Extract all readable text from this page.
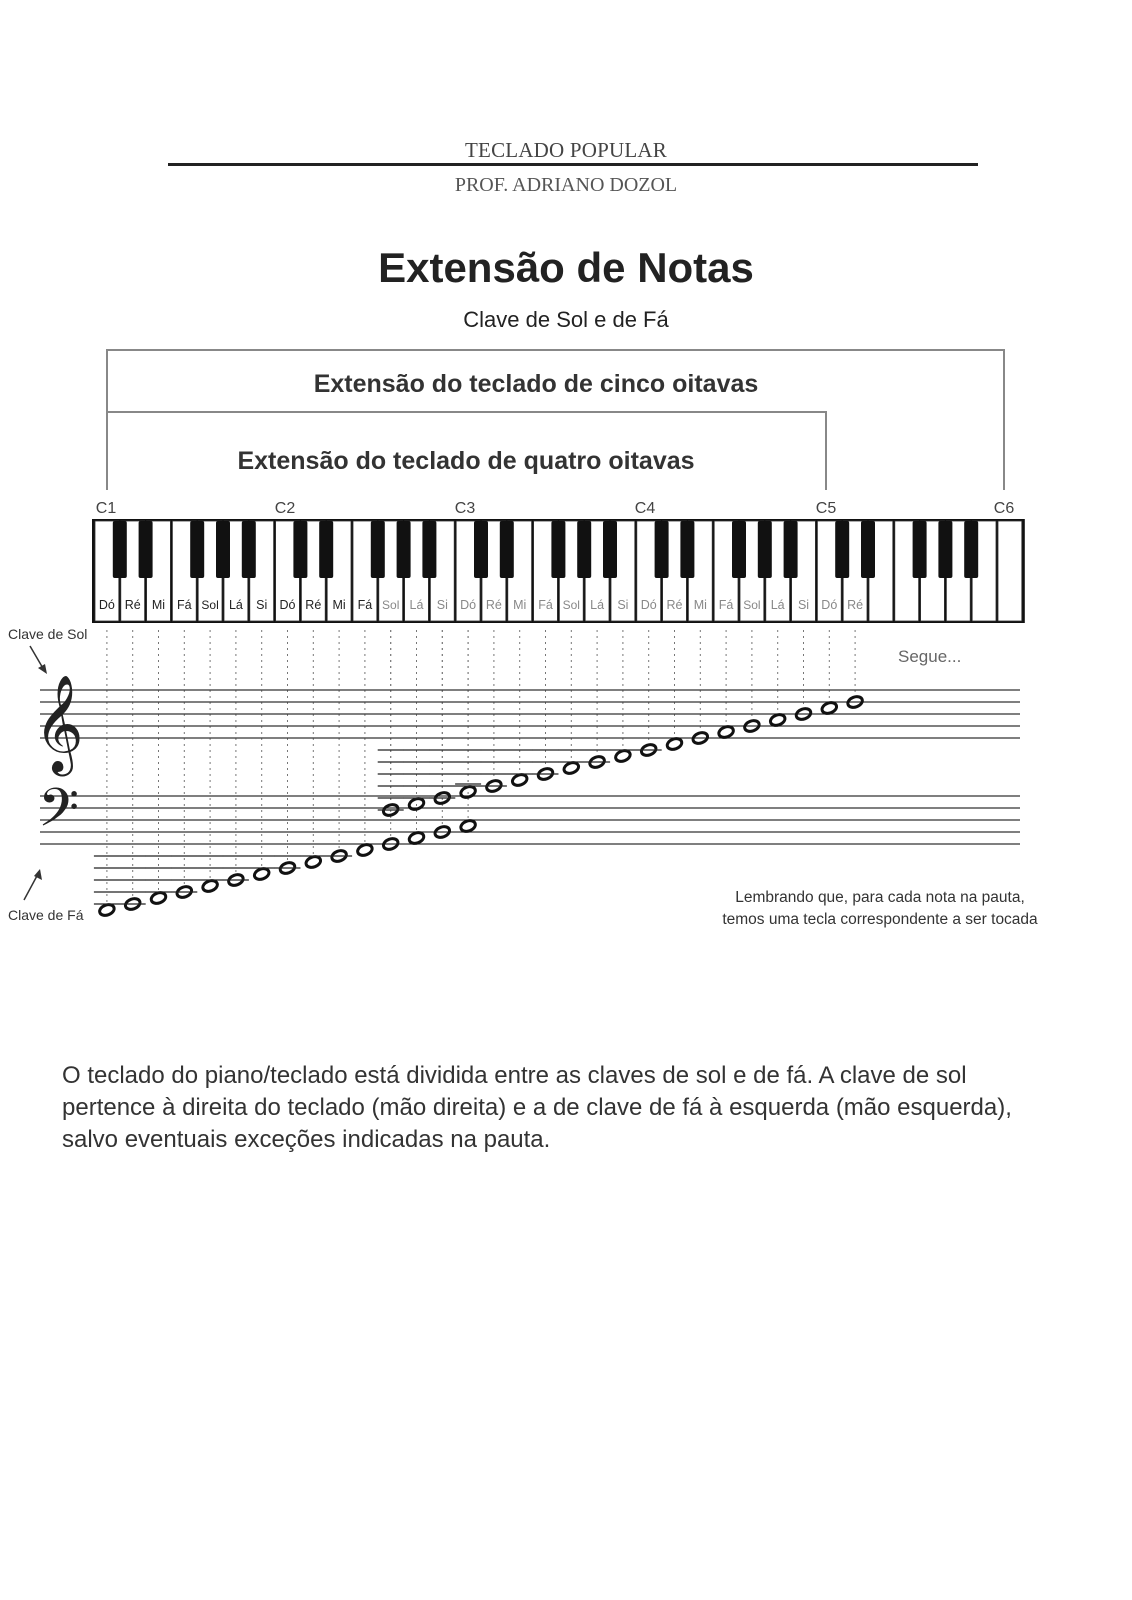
TECLADO POPULAR
PROF. ADRIANO DOZOL
Extensão de Notas
Clave de Sol e de Fá
Extensão do teclado de cinco oitavas
Extensão do teclado de quatro oitavas
C1	C2	C3	C4	C5	C6
Dó Ré Mi Fá Sol Lá Si Dó Ré Mi Fá Sol Lá Si Dó Ré Mi Fá Sol Lá Si Dó Ré Mi Fá Sol Lá Si Dó Ré
𝄞
𝄢
Clave de Sol
Clave de Fá
Segue...
Lembrando que, para cada nota na pauta,
temos uma tecla correspondente a ser tocada
O teclado do piano/teclado está dividida entre as claves de sol e de fá. A clave de sol
pertence à direita do teclado (mão direita) e a de clave de fá à esquerda (mão esquerda),
salvo eventuais exceções indicadas na pauta.
